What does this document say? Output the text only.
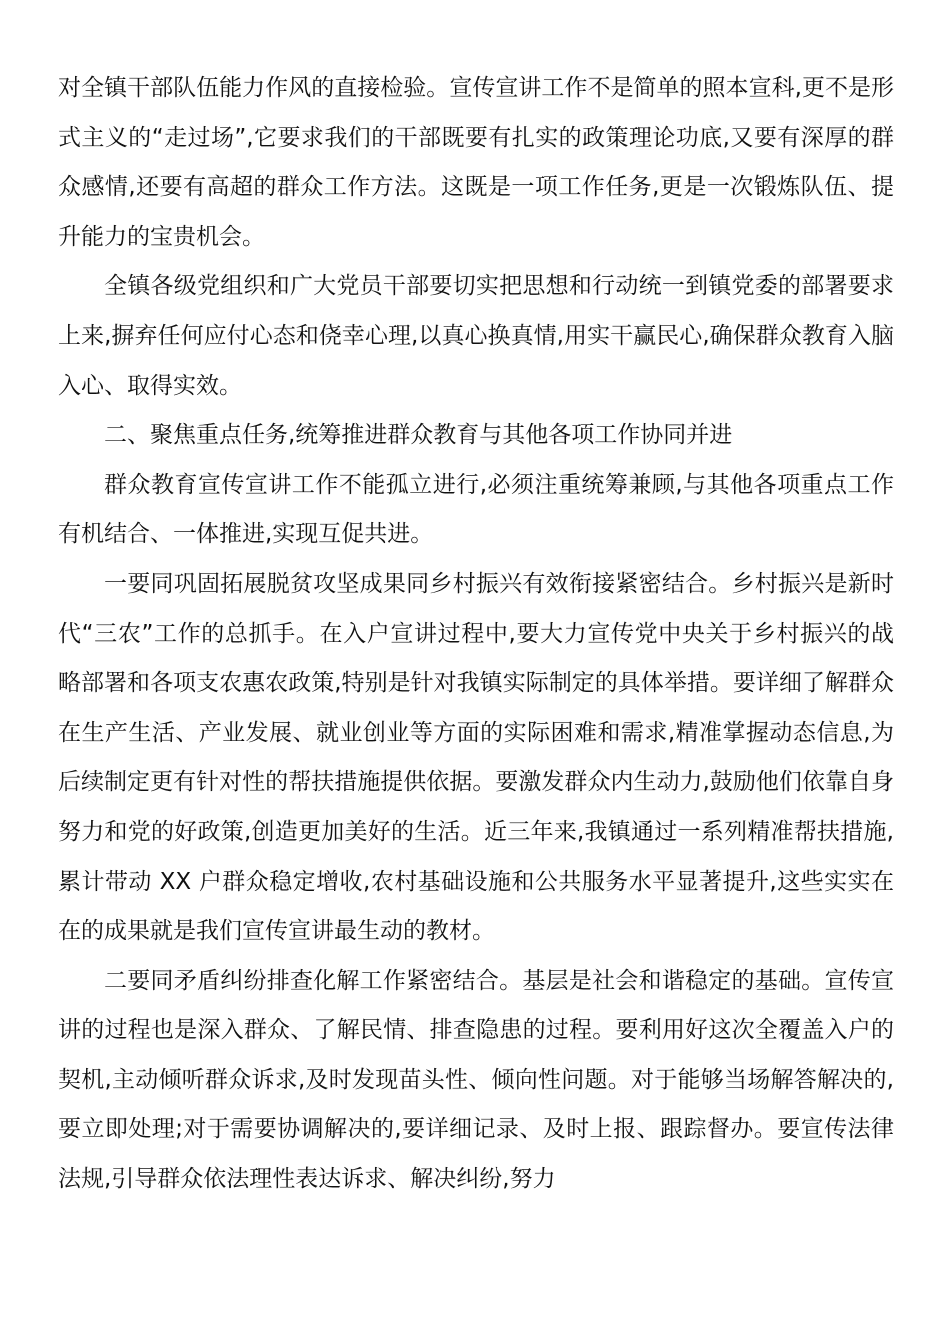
对全镇干部队伍能力作风的直接检验。宣传宣讲工作不是简单的照本宣科,更不是形式主义的“走过场”,它要求我们的干部既要有扎实的政策理论功底,又要有深厚的群众感情,还要有高超的群众工作方法。这既是一项工作任务,更是一次锻炼队伍、提升能力的宝贵机会。

全镇各级党组织和广大党员干部要切实把思想和行动统一到镇党委的部署要求上来,摒弃任何应付心态和侥幸心理,以真心换真情,用实干赢民心,确保群众教育入脑入心、取得实效。

二、聚焦重点任务,统筹推进群众教育与其他各项工作协同并进

群众教育宣传宣讲工作不能孤立进行,必须注重统筹兼顾,与其他各项重点工作有机结合、一体推进,实现互促共进。

一要同巩固拓展脱贫攻坚成果同乡村振兴有效衔接紧密结合。乡村振兴是新时代“三农”工作的总抓手。在入户宣讲过程中,要大力宣传党中央关于乡村振兴的战略部署和各项支农惠农政策,特别是针对我镇实际制定的具体举措。要详细了解群众在生产生活、产业发展、就业创业等方面的实际困难和需求,精准掌握动态信息,为后续制定更有针对性的帮扶措施提供依据。要激发群众内生动力,鼓励他们依靠自身努力和党的好政策,创造更加美好的生活。近三年来,我镇通过一系列精准帮扶措施,累计带动 XX 户群众稳定增收,农村基础设施和公共服务水平显著提升,这些实实在在的成果就是我们宣传宣讲最生动的教材。

二要同矛盾纠纷排查化解工作紧密结合。基层是社会和谐稳定的基础。宣传宣讲的过程也是深入群众、了解民情、排查隐患的过程。要利用好这次全覆盖入户的契机,主动倾听群众诉求,及时发现苗头性、倾向性问题。对于能够当场解答解决的,要立即处理;对于需要协调解决的,要详细记录、及时上报、跟踪督办。要宣传法律法规,引导群众依法理性表达诉求、解决纠纷,努力
